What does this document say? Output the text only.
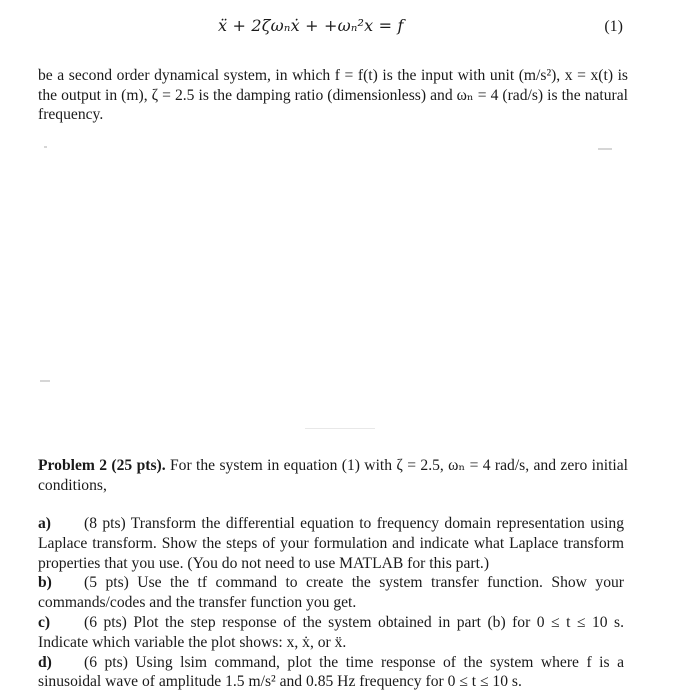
ẍ + 2ζωₙẋ + +ωₙ²x = f	(1)

be a second order dynamical system, in which f = f(t) is the input with unit (m/s²), x = x(t) is the output in (m), ζ = 2.5 is the damping ratio (dimensionless) and ωₙ = 4 (rad/s) is the natural frequency.

Problem 2 (25 pts). For the system in equation (1) with ζ = 2.5, ωₙ = 4 rad/s, and zero initial conditions,

a) (8 pts) Transform the differential equation to frequency domain representation using Laplace transform. Show the steps of your formulation and indicate what Laplace transform properties that you use. (You do not need to use MATLAB for this part.)
b) (5 pts) Use the tf command to create the system transfer function. Show your commands/codes and the transfer function you get.
c) (6 pts) Plot the step response of the system obtained in part (b) for 0 ≤ t ≤ 10 s. Indicate which variable the plot shows: x, ẋ, or ẍ.
d) (6 pts) Using lsim command, plot the time response of the system where f is a sinusoidal wave of amplitude 1.5 m/s² and 0.85 Hz frequency for 0 ≤ t ≤ 10 s.
